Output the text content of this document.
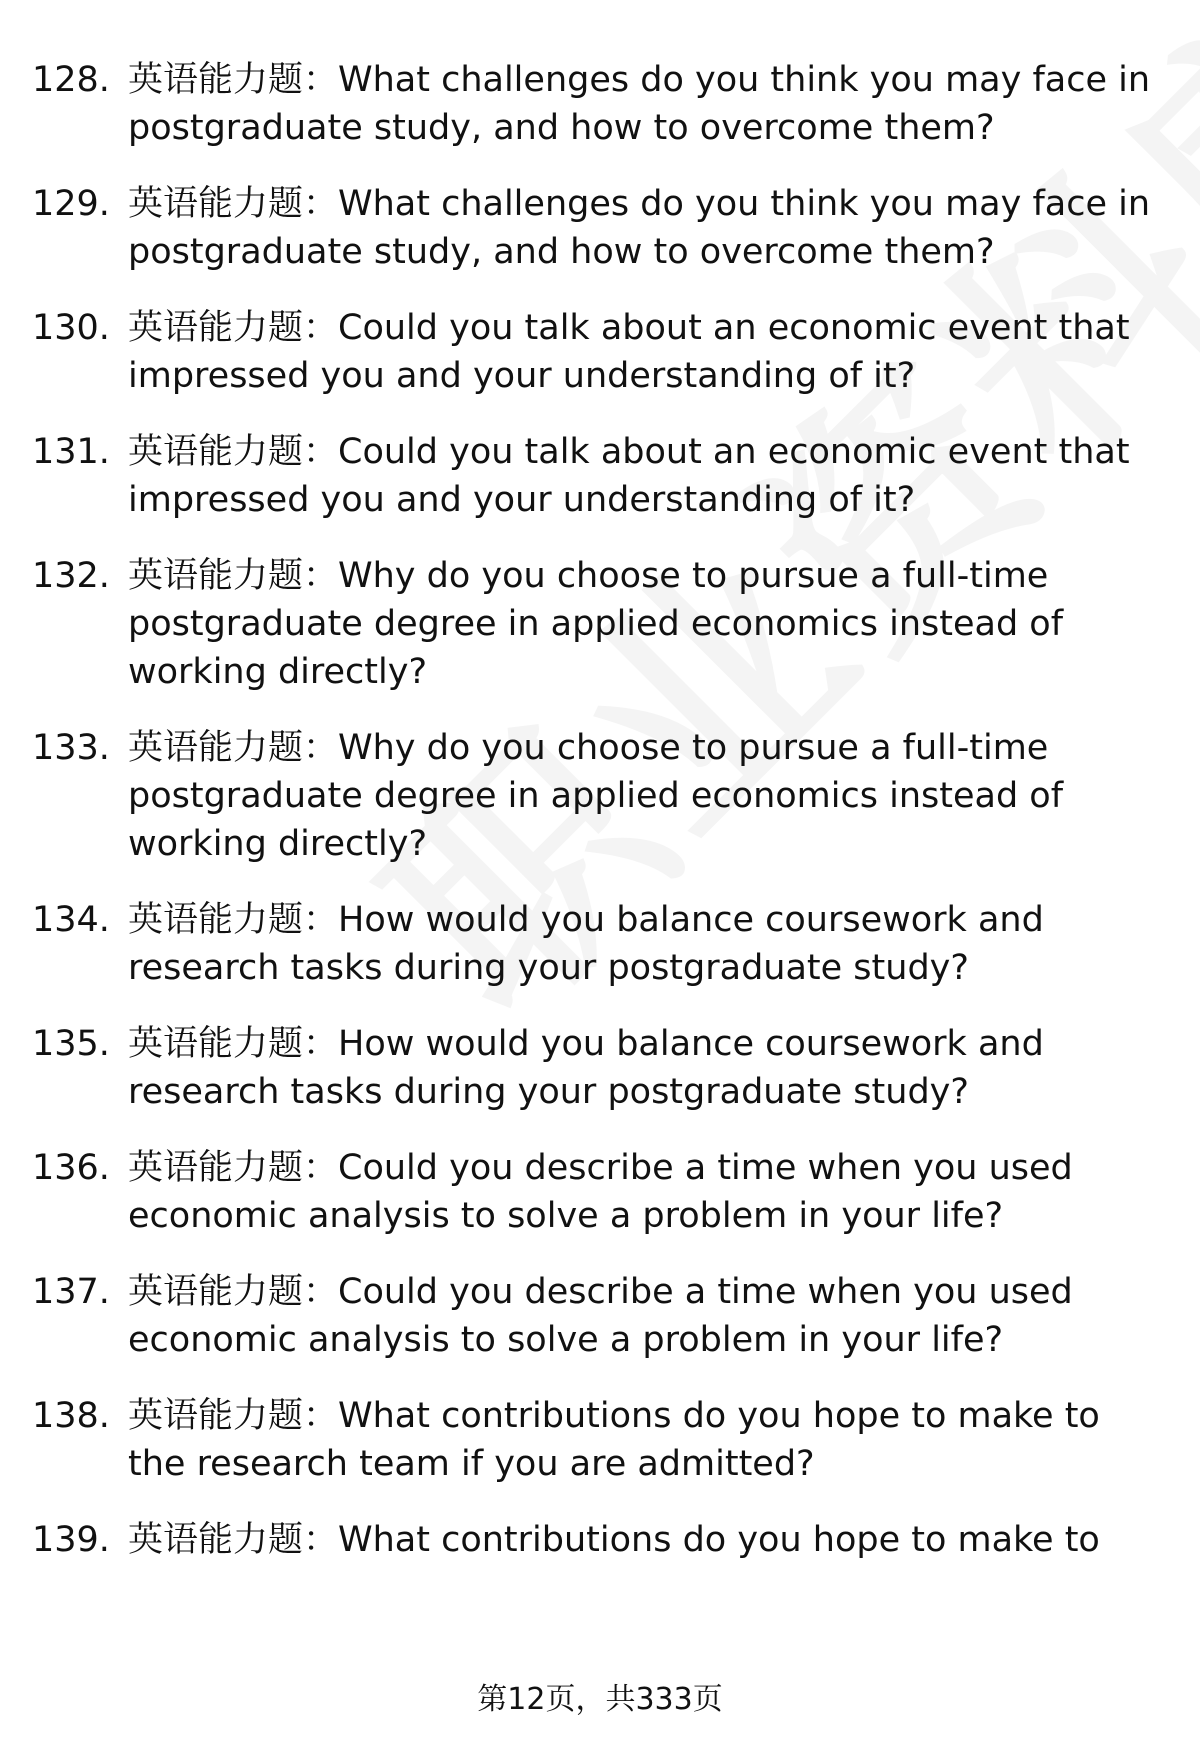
128. 英语能力题：What challenges do you think you may face in postgraduate study, and how to overcome them?
129. 英语能力题：What challenges do you think you may face in postgraduate study, and how to overcome them?
130. 英语能力题：Could you talk about an economic event that impressed you and your understanding of it?
131. 英语能力题：Could you talk about an economic event that impressed you and your understanding of it?
132. 英语能力题：Why do you choose to pursue a full-time postgraduate degree in applied economics instead of working directly?
133. 英语能力题：Why do you choose to pursue a full-time postgraduate degree in applied economics instead of working directly?
134. 英语能力题：How would you balance coursework and research tasks during your postgraduate study?
135. 英语能力题：How would you balance coursework and research tasks during your postgraduate study?
136. 英语能力题：Could you describe a time when you used economic analysis to solve a problem in your life?
137. 英语能力题：Could you describe a time when you used economic analysis to solve a problem in your life?
138. 英语能力题：What contributions do you hope to make to the research team if you are admitted?
139. 英语能力题：What contributions do you hope to make to
第12页，共333页
